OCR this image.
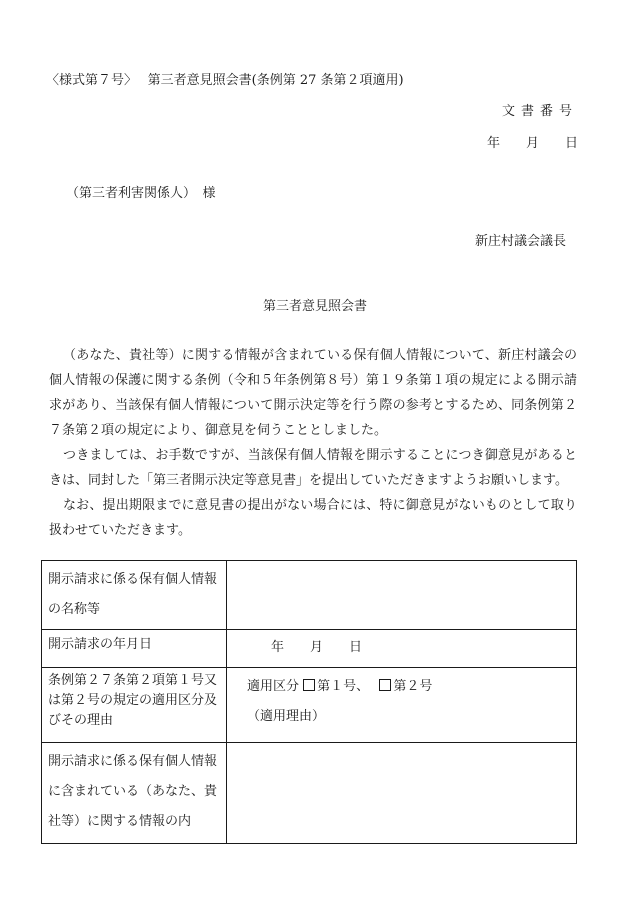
〈様式第７号〉　 第三者意見照会書(条例第 27 条第２項適用)
文書番号
年 月 日
（第三者利害関係人）　様
新庄村議会議長
第三者意見照会書

（あなた、貴社等）に関する情報が含まれている保有個人情報について、新庄村議会の個人情報の保護に関する条例（令和５年条例第８号）第１９条第１項の規定による開示請求があり、当該保有個人情報について開示決定等を行う際の参考とするため、同条例第２７条第２項の規定により、御意見を伺うこととしました。

つきましては、お手数ですが、当該保有個人情報を開示することにつき御意見があるときは、同封した「第三者開示決定等意見書」を提出していただきますようお願いします。

なお、提出期限までに意見書の提出がない場合には、特に御意見がないものとして取り扱わせていただきます。

開示請求に係る保有個人情報の名称等	
開示請求の年月日	年 月 日
条例第２７条第２項第１号又は第２号の規定の適用区分及びその理由	適用区分 第１号、 第２号
（適用理由）

開示請求に係る保有個人情報に含まれている（あなた、貴社等）に関する情報の内	
